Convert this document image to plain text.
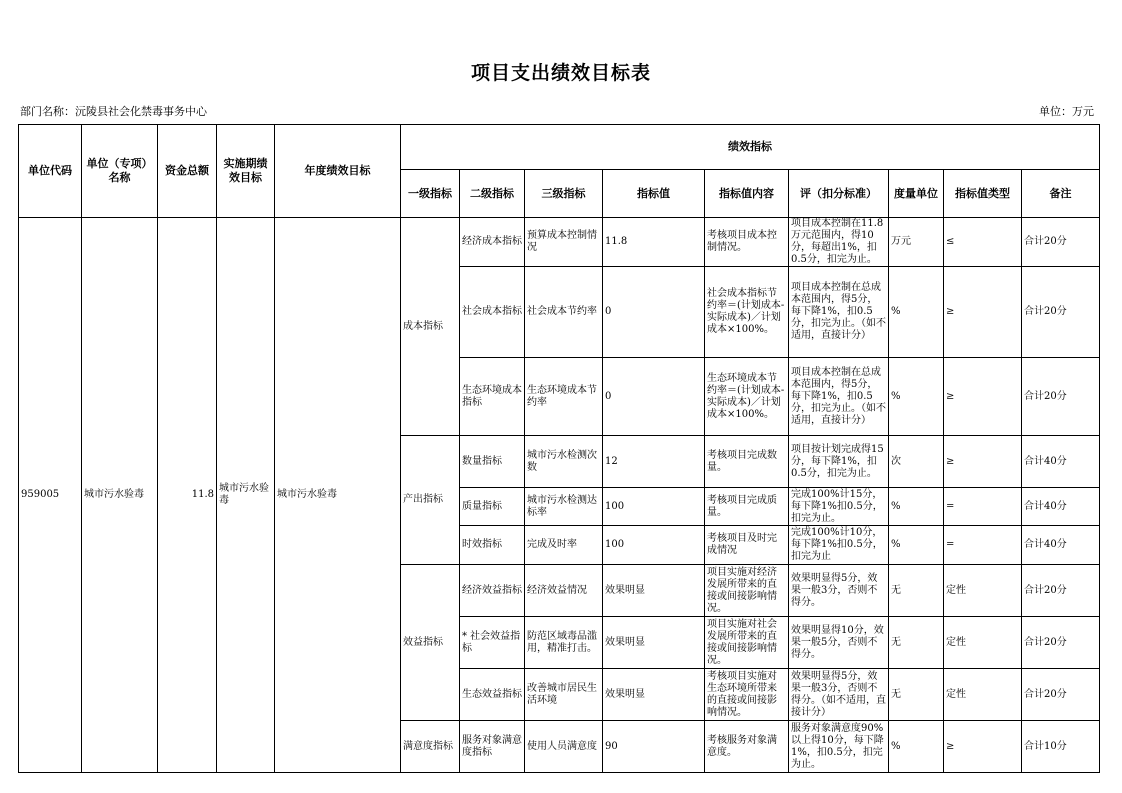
项目支出绩效目标表
部门名称：沅陵县社会化禁毒事务中心	单位：万元
单位代码	单位（专项）名称	资金总额	实施期绩效目标	年度绩效目标	绩效指标								
					一级指标	二级指标	三级指标	指标值	指标值内容	评（扣分标准）	度量单位	指标值类型	备注
959005	城市污水验毒	11.8	城市污水验毒	城市污水验毒	成本指标	经济成本指标	预算成本控制情况	11.8	考核项目成本控制情况。	项目成本控制在11.8万元范围内，得10分，每超出1%，扣0.5分，扣完为止。	万元	≤	合计20分
						社会成本指标	社会成本节约率	0	社会成本指标节约率＝(计划成本-实际成本)／计划成本×100%。	项目成本控制在总成本范围内，得5分，每下降1%，扣0.5分，扣完为止。（如不适用，直接计分）	%	≥	合计20分
						生态环境成本指标	生态环境成本节约率	0	生态环境成本节约率＝(计划成本-实际成本)／计划成本×100%。	项目成本控制在总成本范围内，得5分，每下降1%，扣0.5分，扣完为止。（如不适用，直接计分）	%	≥	合计20分
					产出指标	数量指标	城市污水检测次数	12	考核项目完成数量。	项目按计划完成得15分，每下降1%，扣0.5分，扣完为止。	次	≥	合计40分
						质量指标	城市污水检测达标率	100	考核项目完成质量。	完成100%计15分，每下降1%扣0.5分，扣完为止。	%	=	合计40分
						时效指标	完成及时率	100	考核项目及时完成情况	完成100%计10分，每下降1%扣0.5分，扣完为止	%	=	合计40分
					效益指标	经济效益指标	经济效益情况	效果明显	项目实施对经济发展所带来的直接或间接影响情况。	效果明显得5分，效果一般3分，否则不得分。	无	定性	合计20分
						* 社会效益指标	防范区域毒品滥用，精准打击。	效果明显	项目实施对社会发展所带来的直接或间接影响情况。	效果明显得10分，效果一般5分，否则不得分。	无	定性	合计20分
						生态效益指标	改善城市居民生活环境	效果明显	考核项目实施对生态环境所带来的直接或间接影响情况。	效果明显得5分，效果一般3分，否则不得分。（如不适用，直接计分）	无	定性	合计20分
					满意度指标	服务对象满意度指标	使用人员满意度	90	考核服务对象满意度。	服务对象满意度90%以上得10分，每下降1%，扣0.5分，扣完为止。	%	≥	合计10分
